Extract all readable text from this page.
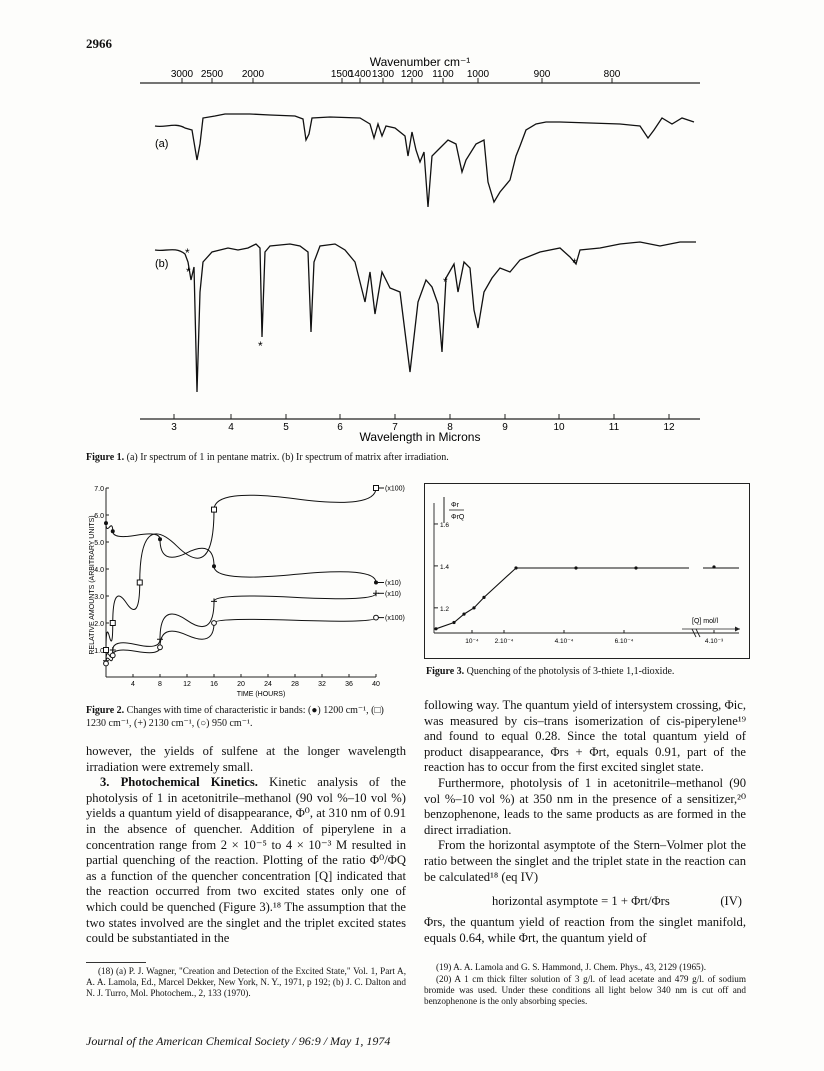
2966
Wavenumber cm⁻¹
3000 2500 2000	1500
1400 1300 1200 1100 1000	900	800
(a)
(b)
*
*
*
*
*
3	4	5	6	7	8	9	10	11	12
Wavelength in Microns
Figure 1. (a) Ir spectrum of 1 in pentane matrix. (b) Ir spectrum of matrix after irradiation.
RELATIVE AMOUNTS (ARBITRARY UNITS)
4	8	12	16	20	24	28	32	36	40
1.0
2.0
3.0
4.0
5.0
6.0
7.0	(x100)
(x10)
(x10)
(x100)
TIME (HOURS)
Figure 2. Changes with time of characteristic ir bands: (●) 1200 cm⁻¹, (□) 1230 cm⁻¹, (+) 2130 cm⁻¹, (○) 950 cm⁻¹.
1.6
1.4
1.2
10⁻⁴ 2.10⁻⁴	4.10⁻⁴	6.10⁻⁴	4.10⁻³
Φr
ΦrQ
[Q] mol/l
Figure 3. Quenching of the photolysis of 3-thiete 1,1-dioxide.

however, the yields of sulfene at the longer wavelength irradiation were extremely small.

3. Photochemical Kinetics. Kinetic analysis of the photolysis of 1 in acetonitrile–methanol (90 vol %–10 vol %) yields a quantum yield of disappearance, Φ⁰, at 310 nm of 0.91 in the absence of quencher. Addition of piperylene in a concentration range from 2 × 10⁻⁵ to 4 × 10⁻³ M resulted in partial quenching of the reaction. Plotting of the ratio Φ⁰/ΦQ as a function of the quencher concentration [Q] indicated that the reaction occurred from two excited states only one of which could be quenched (Figure 3).¹⁸ The assumption that the two states involved are the singlet and the triplet excited states could be substantiated in the

(18) (a) P. J. Wagner, "Creation and Detection of the Excited State," Vol. 1, Part A, A. A. Lamola, Ed., Marcel Dekker, New York, N. Y., 1971, p 192; (b) J. C. Dalton and N. J. Turro, Mol. Photochem., 2, 133 (1970).

following way. The quantum yield of intersystem crossing, Φic, was measured by cis–trans isomerization of cis-piperylene¹⁹ and found to equal 0.28. Since the total quantum yield of product disappearance, Φrs + Φrt, equals 0.91, part of the reaction has to occur from the first excited singlet state.

Furthermore, photolysis of 1 in acetonitrile–methanol (90 vol %–10 vol %) at 350 nm in the presence of a sensitizer,²⁰ benzophenone, leads to the same products as are formed in the direct irradiation.

From the horizontal asymptote of the Stern–Volmer plot the ratio between the singlet and the triplet state in the reaction can be calculated¹⁸ (eq IV)

horizontal asymptote = 1 + Φrt/Φrs	(IV)

Φrs, the quantum yield of reaction from the singlet manifold, equals 0.64, while Φrt, the quantum yield of

(19) A. A. Lamola and G. S. Hammond, J. Chem. Phys., 43, 2129 (1965).

(20) A 1 cm thick filter solution of 3 g/l. of lead acetate and 479 g/l. of sodium bromide was used. Under these conditions all light below 340 nm is cut off and benzophenone is the only absorbing species.

Journal of the American Chemical Society / 96:9 / May 1, 1974
